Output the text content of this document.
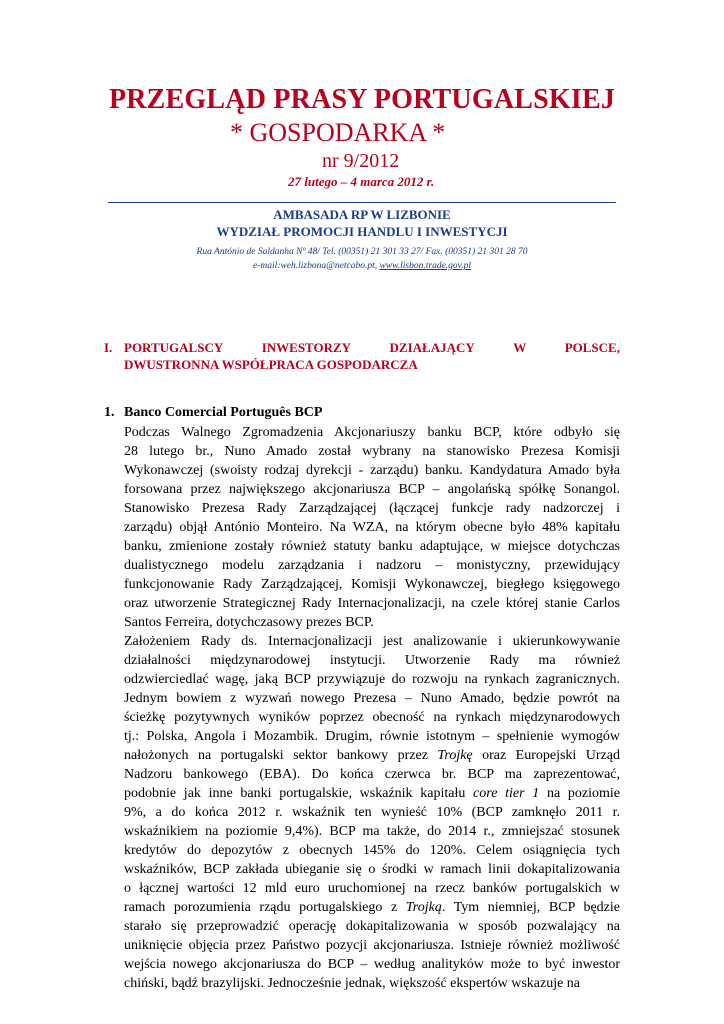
PRZEGLĄD PRASY PORTUGALSKIEJ
* GOSPODARKA *
nr 9/2012
27 lutego – 4 marca 2012 r.
AMBASADA RP W LIZBONIE
WYDZIAŁ PROMOCJI HANDLU I INWESTYCJI
Rua António de Saldanha Nº 48/ Tel. (00351) 21 301 33 27/ Fax. (00351) 21 301 28 70
e-mail:weh.lizbona@netcabo.pt, www.lisbon.trade.gov.pl
I. PORTUGALSCY	INWESTORZY	DZIAŁAJĄCY	W	POLSCE,
DWUSTRONNA WSPÓŁPRACA GOSPODARCZA
1. Banco Comercial Português BCP
Podczas Walnego Zgromadzenia Akcjonariuszy banku BCP, które odbyło się
28 lutego br., Nuno Amado został wybrany na stanowisko Prezesa Komisji
Wykonawczej (swoisty rodzaj dyrekcji - zarządu) banku. Kandydatura Amado była
forsowana przez największego akcjonariusza BCP – angolańską spółkę Sonangol.
Stanowisko Prezesa Rady Zarządzającej (łączącej funkcje rady nadzorczej i
zarządu) objął António Monteiro. Na WZA, na którym obecne było 48% kapitału
banku, zmienione zostały również statuty banku adaptujące, w miejsce dotychczas
dualistycznego modelu zarządzania i nadzoru – monistyczny, przewidujący
funkcjonowanie Rady Zarządzającej, Komisji Wykonawczej, biegłego księgowego
oraz utworzenie Strategicznej Rady Internacjonalizacji, na czele której stanie Carlos
Santos Ferreira, dotychczasowy prezes BCP.
Założeniem Rady ds. Internacjonalizacji jest analizowanie i ukierunkowywanie
działalności międzynarodowej instytucji. Utworzenie Rady ma również
odzwierciedlać wagę, jaką BCP przywiązuje do rozwoju na rynkach zagranicznych.
Jednym bowiem z wyzwań nowego Prezesa – Nuno Amado, będzie powrót na
ścieżkę pozytywnych wyników poprzez obecność na rynkach międzynarodowych
tj.: Polska, Angola i Mozambik. Drugim, równie istotnym – spełnienie wymogów
nałożonych na portugalski sektor bankowy przez Trojkę oraz Europejski Urząd
Nadzoru bankowego (EBA). Do końca czerwca br. BCP ma zaprezentować,
podobnie jak inne banki portugalskie, wskaźnik kapitału core tier 1 na poziomie
9%, a do końca 2012 r. wskaźnik ten wynieść 10% (BCP zamknęło 2011 r.
wskaźnikiem na poziomie 9,4%). BCP ma także, do 2014 r., zmniejszać stosunek
kredytów do depozytów z obecnych 145% do 120%. Celem osiągnięcia tych
wskaźników, BCP zakłada ubieganie się o środki w ramach linii dokapitalizowania
o łącznej wartości 12 mld euro uruchomionej na rzecz banków portugalskich w
ramach porozumienia rządu portugalskiego z Trojką. Tym niemniej, BCP będzie
starało się przeprowadzić operację dokapitalizowania w sposób pozwalający na
uniknięcie objęcia przez Państwo pozycji akcjonariusza. Istnieje również możliwość
wejścia nowego akcjonariusza do BCP – według analityków może to być inwestor
chiński, bądź brazylijski. Jednocześnie jednak, większość ekspertów wskazuje na
